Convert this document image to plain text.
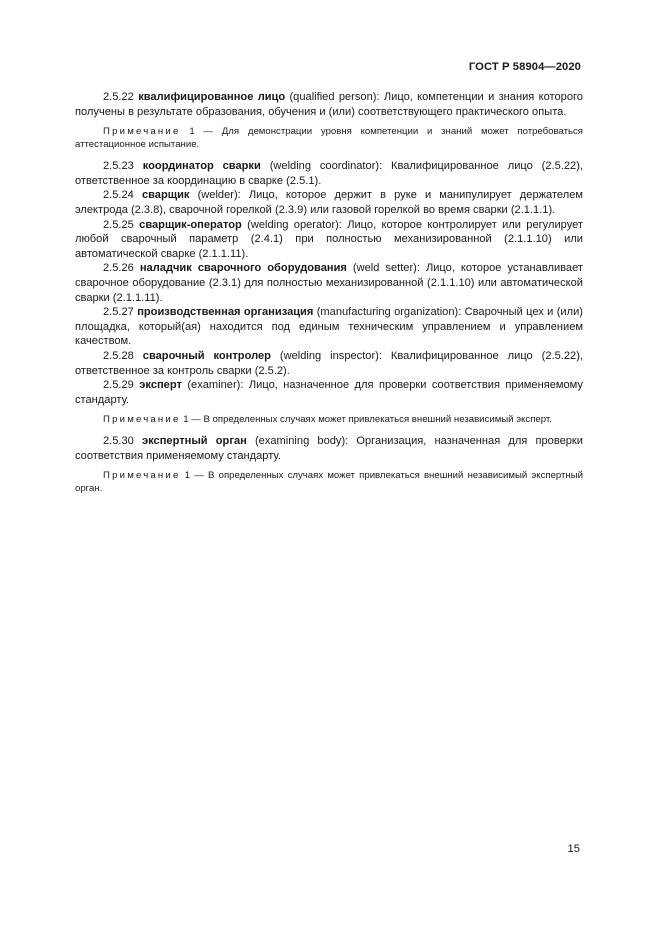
ГОСТ Р 58904—2020

2.5.22 квалифицированное лицо (qualified person): Лицо, компетенции и знания которого получены в результате образования, обучения и (или) соответствующего практического опыта.

Примечание 1 — Для демонстрации уровня компетенции и знаний может потребоваться аттестационное испытание.

2.5.23 координатор сварки (welding coordinator): Квалифицированное лицо (2.5.22), ответственное за координацию в сварке (2.5.1).

2.5.24 сварщик (welder): Лицо, которое держит в руке и манипулирует держателем электрода (2.3.8), сварочной горелкой (2.3.9) или газовой горелкой во время сварки (2.1.1.1).

2.5.25 сварщик-оператор (welding operator): Лицо, которое контролирует или регулирует любой сварочный параметр (2.4.1) при полностью механизированной (2.1.1.10) или автоматической сварке (2.1.1.11).

2.5.26 наладчик сварочного оборудования (weld setter): Лицо, которое устанавливает сварочное оборудование (2.3.1) для полностью механизированной (2.1.1.10) или автоматической сварки (2.1.1.11).

2.5.27 производственная организация (manufacturing organization): Сварочный цех и (или) площадка, который(ая) находится под единым техническим управлением и управлением качеством.

2.5.28 сварочный контролер (welding inspector): Квалифицированное лицо (2.5.22), ответственное за контроль сварки (2.5.2).

2.5.29 эксперт (examiner): Лицо, назначенное для проверки соответствия применяемому стандарту.

Примечание 1 — В определенных случаях может привлекаться внешний независимый эксперт.

2.5.30 экспертный орган (examining body): Организация, назначенная для проверки соответствия применяемому стандарту.

Примечание 1 — В определенных случаях может привлекаться внешний независимый экспертный орган.

15
